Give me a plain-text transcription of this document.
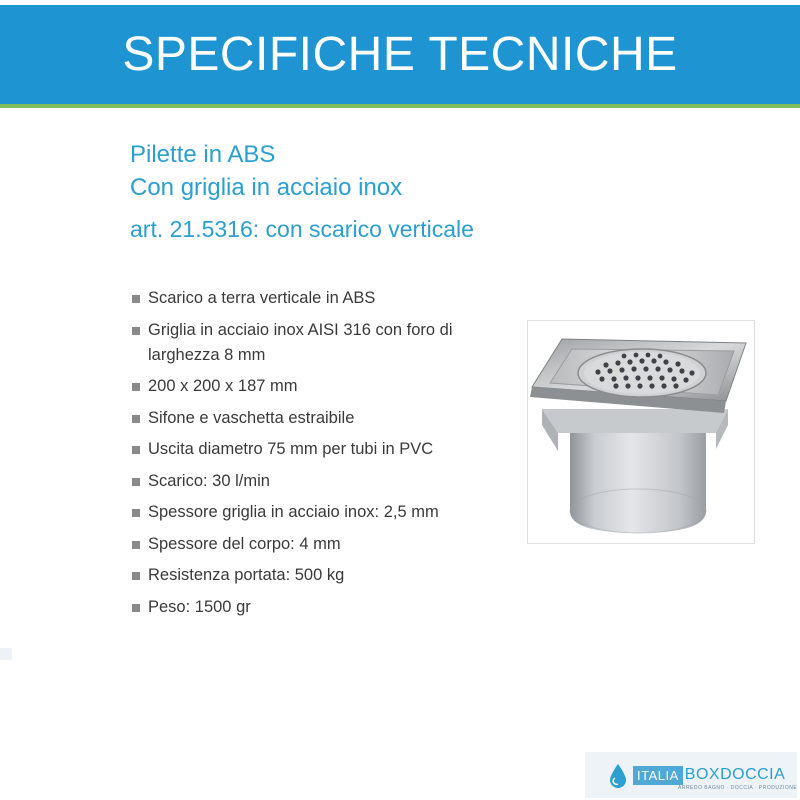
SPECIFICHE TECNICHE
Pilette in ABS
Con griglia in acciaio inox
art. 21.5316: con scarico verticale
Scarico a terra verticale in ABS
Griglia in acciaio inox AISI 316 con foro di larghezza 8 mm
200 x 200 x 187 mm
Sifone e vaschetta estraibile
Uscita diametro 75 mm per tubi in PVC
Scarico: 30 l/min
Spessore griglia in acciaio inox: 2,5 mm
Spessore del corpo: 4 mm
Resistenza portata: 500 kg
Peso: 1500 gr
ITALIA BOXDOCCIA
ARREDO BAGNO · DOCCIA · PRODUZIONE
